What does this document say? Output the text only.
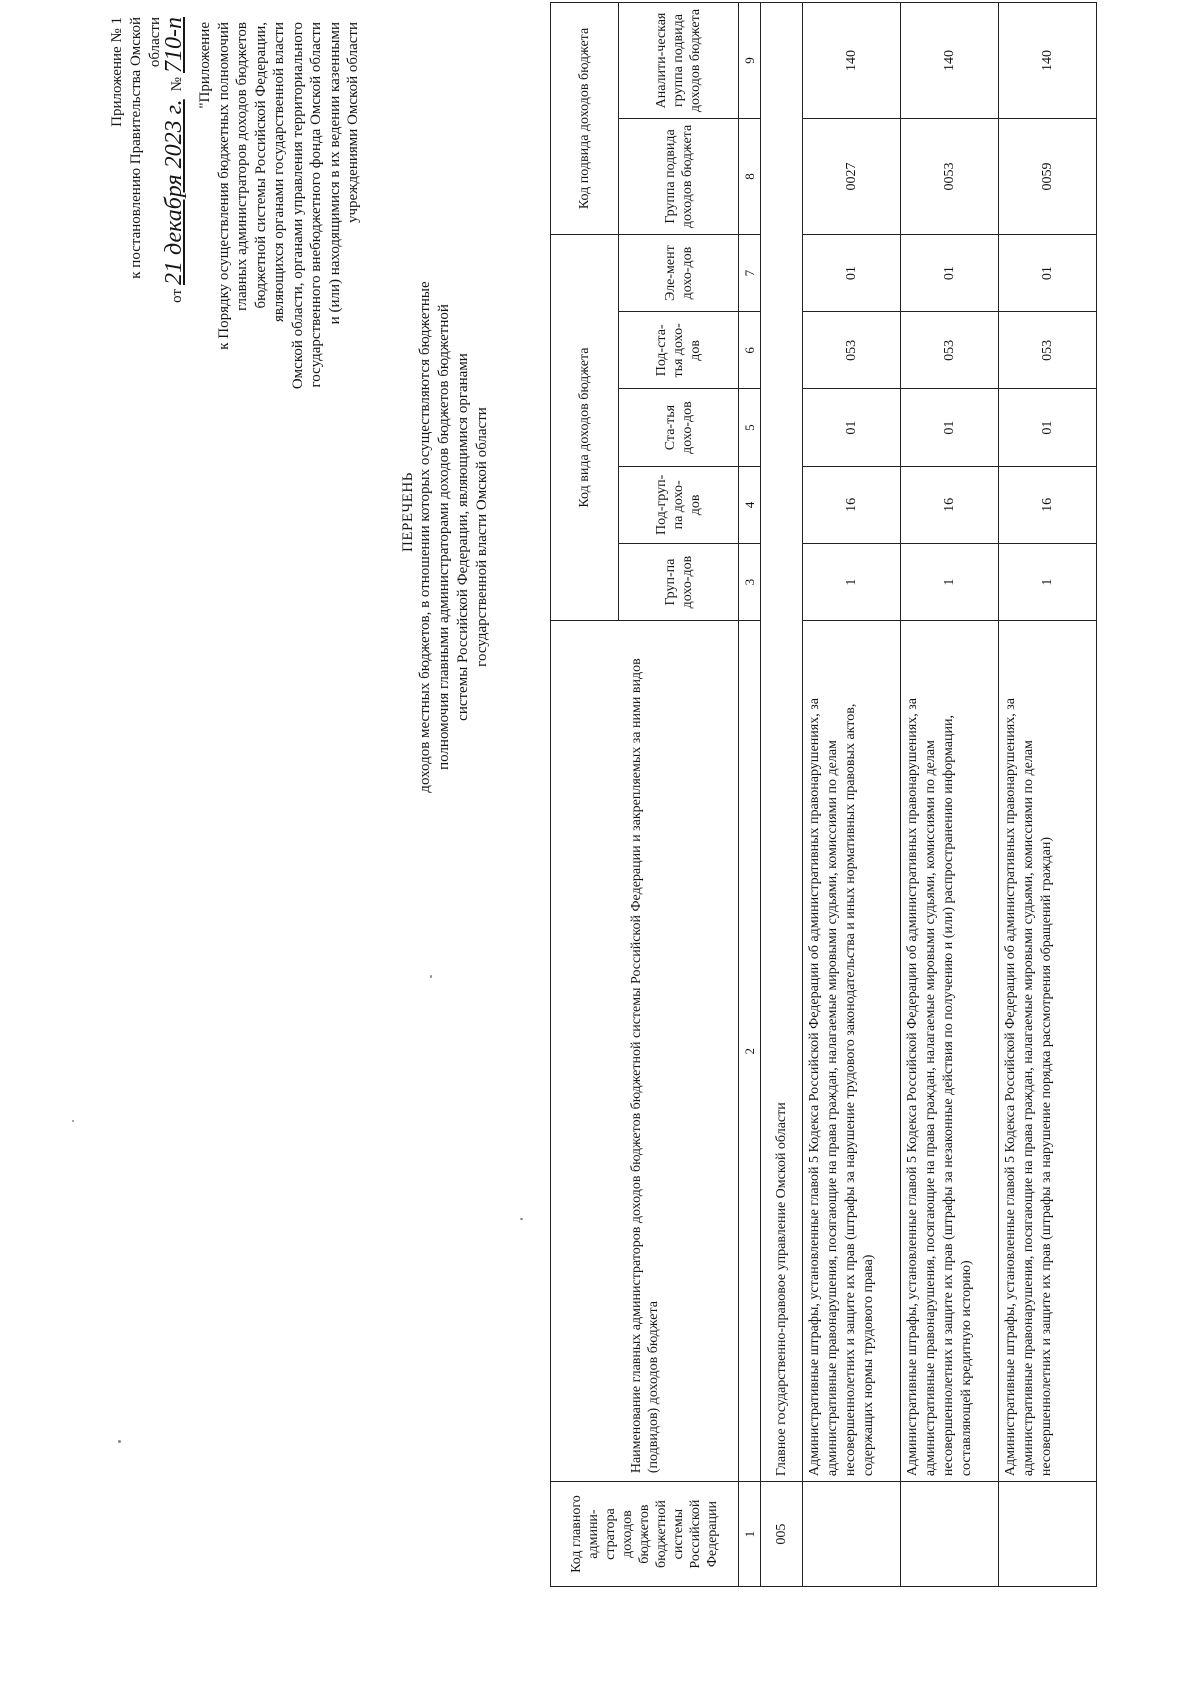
Приложение № 1 к постановлению Правительства Омской области
от
21 декабря 2023 г.
№
710-п "Приложение к Порядку осуществления бюджетных полномочий главных администраторов доходов бюджетов бюджетной системы Российской Федерации, являющихся органами государственной власти Омской области, органами управления территориального государственного внебюджетного фонда Омской области и (или) находящимися в их ведении казенными учреждениями Омской области
ПЕРЕЧЕНЬ доходов местных бюджетов, в отношении которых осуществляются бюджетные полномочия главными администраторами доходов бюджетов бюджетной системы Российской Федерации, являющимися органами государственной власти Омской области
Код главного админи-стратора доходов бюджетов бюджетной системы Российской Федерации	Наименование главных администраторов доходов бюджетов бюджетной системы Российской Федерации и закрепляемых за ними видов (подвидов) доходов бюджета	Код вида доходов бюджета					Код подвида доходов бюджета	
		Груп-па дохо-дов	Под-груп-па дохо-дов	Ста-тья дохо-дов	Под-ста-тья дохо-дов	Эле-мент дохо-дов	Группа подвида доходов бюджета	Аналити-ческая группа подвида доходов бюджета
1	2	3	4	5	6	7	8	9
005	Главное государственно-правовое управление Омской области							
	Административные штрафы, установленные главой 5 Кодекса Российской Федерации об административных правонарушениях, за административные правонарушения, посягающие на права граждан, налагаемые мировыми судьями, комиссиями по делам несовершеннолетних и защите их прав (штрафы за нарушение трудового законодательства и иных нормативных правовых актов, содержащих нормы трудового права)	1	16	01	053	01	0027	140
	Административные штрафы, установленные главой 5 Кодекса Российской Федерации об административных правонарушениях, за административные правонарушения, посягающие на права граждан, налагаемые мировыми судьями, комиссиями по делам несовершеннолетних и защите их прав (штрафы за незаконные действия по получению и (или) распространению информации, составляющей кредитную историю)	1	16	01	053	01	0053	140
	Административные штрафы, установленные главой 5 Кодекса Российской Федерации об административных правонарушениях, за административные правонарушения, посягающие на права граждан, налагаемые мировыми судьями, комиссиями по делам несовершеннолетних и защите их прав (штрафы за нарушение порядка рассмотрения обращений граждан)	1	16	01	053	01	0059	140
